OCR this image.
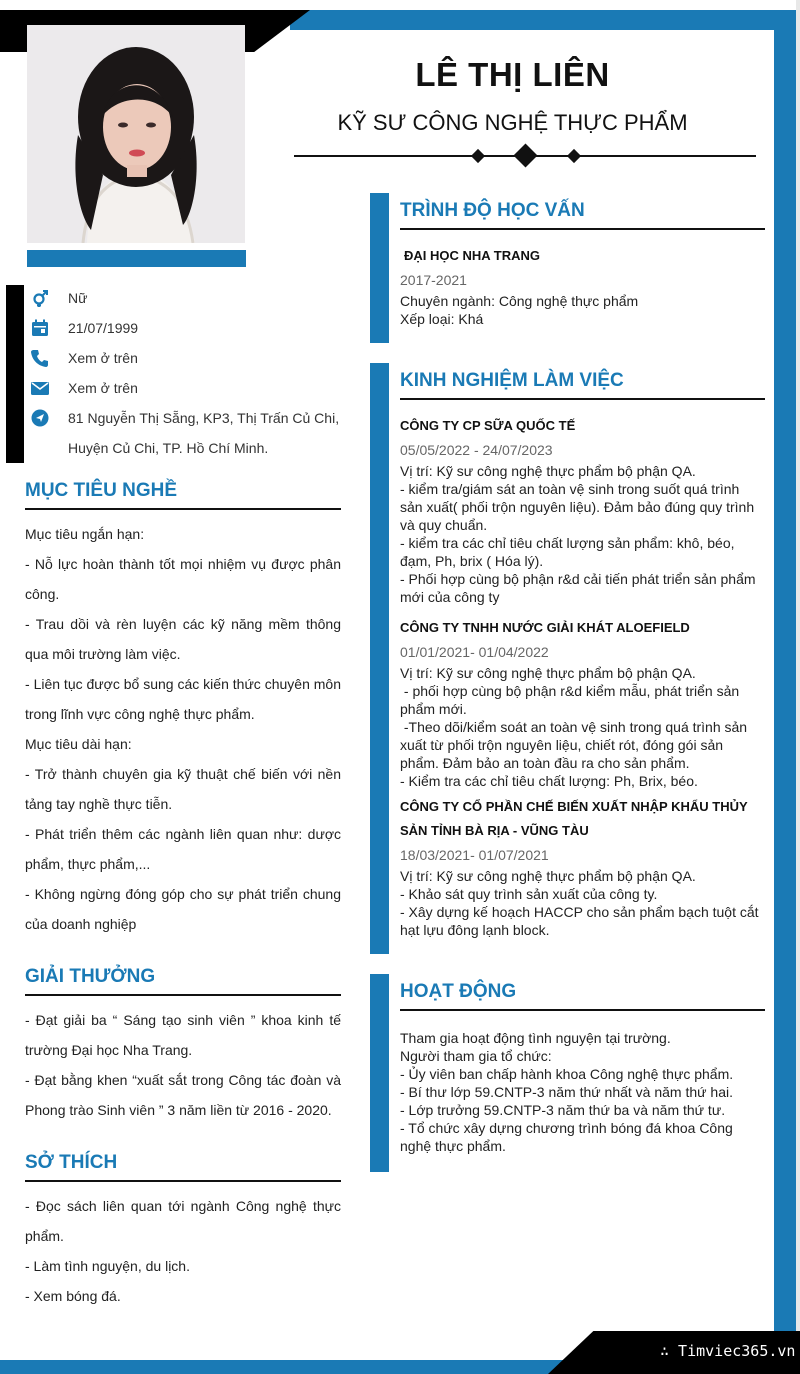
LÊ THỊ LIÊN
KỸ SƯ CÔNG NGHỆ THỰC PHẨM
Nữ
21/07/1999
Xem ở trên
Xem ở trên
81 Nguyễn Thị Sẵng, KP3, Thị Trấn Củ Chi,
Huyện Củ Chi, TP. Hồ Chí Minh.
MỤC TIÊU NGHỀ
Mục tiêu ngắn hạn:
- Nỗ lực hoàn thành tốt mọi nhiệm vụ được phân công.
- Trau dồi và rèn luyện các kỹ năng mềm thông qua môi trường làm việc.
- Liên tục được bổ sung các kiến thức chuyên môn trong lĩnh vực công nghệ thực phẩm.
Mục tiêu dài hạn:
- Trở thành chuyên gia kỹ thuật chế biến với nền tảng tay nghề thực tiễn.
- Phát triển thêm các ngành liên quan như: dược phẩm, thực phẩm,...
- Không ngừng đóng góp cho sự phát triển chung của doanh nghiệp
GIẢI THƯỞNG
- Đạt giải ba “ Sáng tạo sinh viên ” khoa kinh tế trường Đại học Nha Trang.
- Đạt bằng khen “xuất sắt trong Công tác đoàn và Phong trào Sinh viên ” 3 năm liền từ 2016 - 2020.
SỞ THÍCH
- Đọc sách liên quan tới ngành Công nghệ thực phẩm.
- Làm tình nguyện, du lịch.
- Xem bóng đá.
TRÌNH ĐỘ HỌC VẤN
ĐẠI HỌC NHA TRANG
2017-2021
Chuyên ngành: Công nghệ thực phẩm
Xếp loại: Khá
KINH NGHIỆM LÀM VIỆC
CÔNG TY CP SỮA QUỐC TẾ
05/05/2022 - 24/07/2023
Vị trí: Kỹ sư công nghệ thực phẩm bộ phận QA.
- kiểm tra/giám sát an toàn vệ sinh trong suốt quá trình sản xuất( phối trộn nguyên liệu). Đảm bảo đúng quy trình và quy chuẩn.
- kiểm tra các chỉ tiêu chất lượng sản phẩm: khô, béo, đạm, Ph, brix ( Hóa lý).
- Phối hợp cùng bộ phận r&d cải tiến phát triển sản phẩm mới của công ty
CÔNG TY TNHH NƯỚC GIẢI KHÁT ALOEFIELD
01/01/2021- 01/04/2022
Vị trí: Kỹ sư công nghệ thực phẩm bộ phận QA.
- phối hợp cùng bộ phận r&d kiểm mẫu, phát triển sản phẩm mới.
-Theo dõi/kiểm soát an toàn vệ sinh trong quá trình sản xuất từ phối trộn nguyên liệu, chiết rót, đóng gói sản phẩm. Đảm bảo an toàn đầu ra cho sản phẩm.
- Kiểm tra các chỉ tiêu chất lượng: Ph, Brix, béo.
CÔNG TY CỔ PHẦN CHẾ BIẾN XUẤT NHẬP KHẨU THỦY SẢN TỈNH BÀ RỊA - VŨNG TÀU
18/03/2021- 01/07/2021
Vị trí: Kỹ sư công nghệ thực phẩm bộ phận QA.
- Khảo sát quy trình sản xuất của công ty.
- Xây dựng kế hoạch HACCP cho sản phẩm bạch tuột cắt hạt lựu đông lạnh block.
HOẠT ĐỘNG
Tham gia hoạt động tình nguyện tại trường.
Người tham gia tổ chức:
- Ủy viên ban chấp hành khoa Công nghệ thực phẩm.
- Bí thư lớp 59.CNTP-3 năm thứ nhất và năm thứ hai.
- Lớp trưởng 59.CNTP-3 năm thứ ba và năm thứ tư.
- Tổ chức xây dựng chương trình bóng đá khoa Công nghệ thực phẩm.
∴ Timviec365.vn
